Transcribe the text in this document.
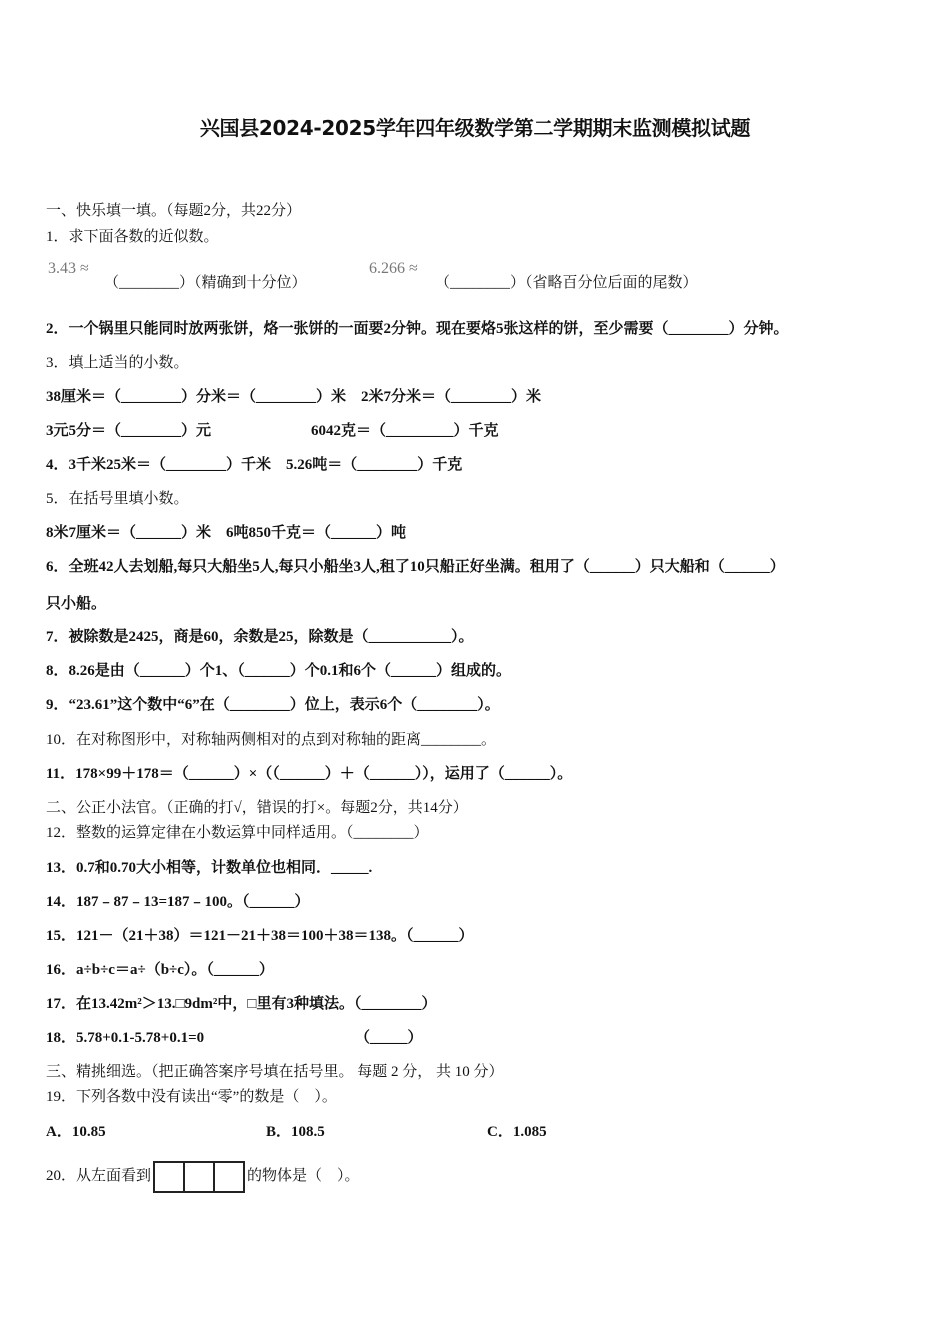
兴国县2024-2025学年四年级数学第二学期期末监测模拟试题
一、快乐填一填。（每题2分，共22分）
1．求下面各数的近似数。
3.43 ≈
（________）（精确到十分位）
6.266 ≈
（________）（省略百分位后面的尾数）
2．一个锅里只能同时放两张饼，烙一张饼的一面要2分钟。现在要烙5张这样的饼，至少需要（________）分钟。
3．填上适当的小数。
38厘米＝（________）分米＝（________）米　2米7分米＝（________）米
3元5分＝（________）元	6042克＝（_________）千克
4．3千米25米＝（________）千米　5.26吨＝（________）千克
5．在括号里填小数。
8米7厘米＝（______）米　6吨850千克＝（______）吨
6．全班42人去划船,每只大船坐5人,每只小船坐3人,租了10只船正好坐满。租用了（______）只大船和（______）
只小船。
7．被除数是2425，商是60，余数是25，除数是（___________）。
8．8.26是由（______）个1、（______）个0.1和6个（______）组成的。
9．“23.61”这个数中“6”在（________）位上，表示6个（________）。
10．在对称图形中，对称轴两侧相对的点到对称轴的距离________。
11．178×99＋178＝（______）×（（______）＋（______）），运用了（______）。
二、公正小法官。（正确的打√，错误的打×。每题2分，共14分）
12．整数的运算定律在小数运算中同样适用。（________）
13．0.7和0.70大小相等，计数单位也相同．_____.
14．187﹣87﹣13=187﹣100。（______）
15．121－（21＋38）＝121－21＋38＝100＋38＝138。（______）
16．a÷b÷c＝a÷（b÷c）。（______）
17．在13.42m²＞13.□9dm²中，□里有3种填法。（________）
18．5.78+0.1-5.78+0.1=0	（_____）
三、精挑细选。（把正确答案序号填在括号里。 每题 2 分， 共 10 分）
19．下列各数中没有读出“零”的数是（　）。
A．10.85	B．108.5	C．1.085
20．从左面看到	的物体是（　）。
